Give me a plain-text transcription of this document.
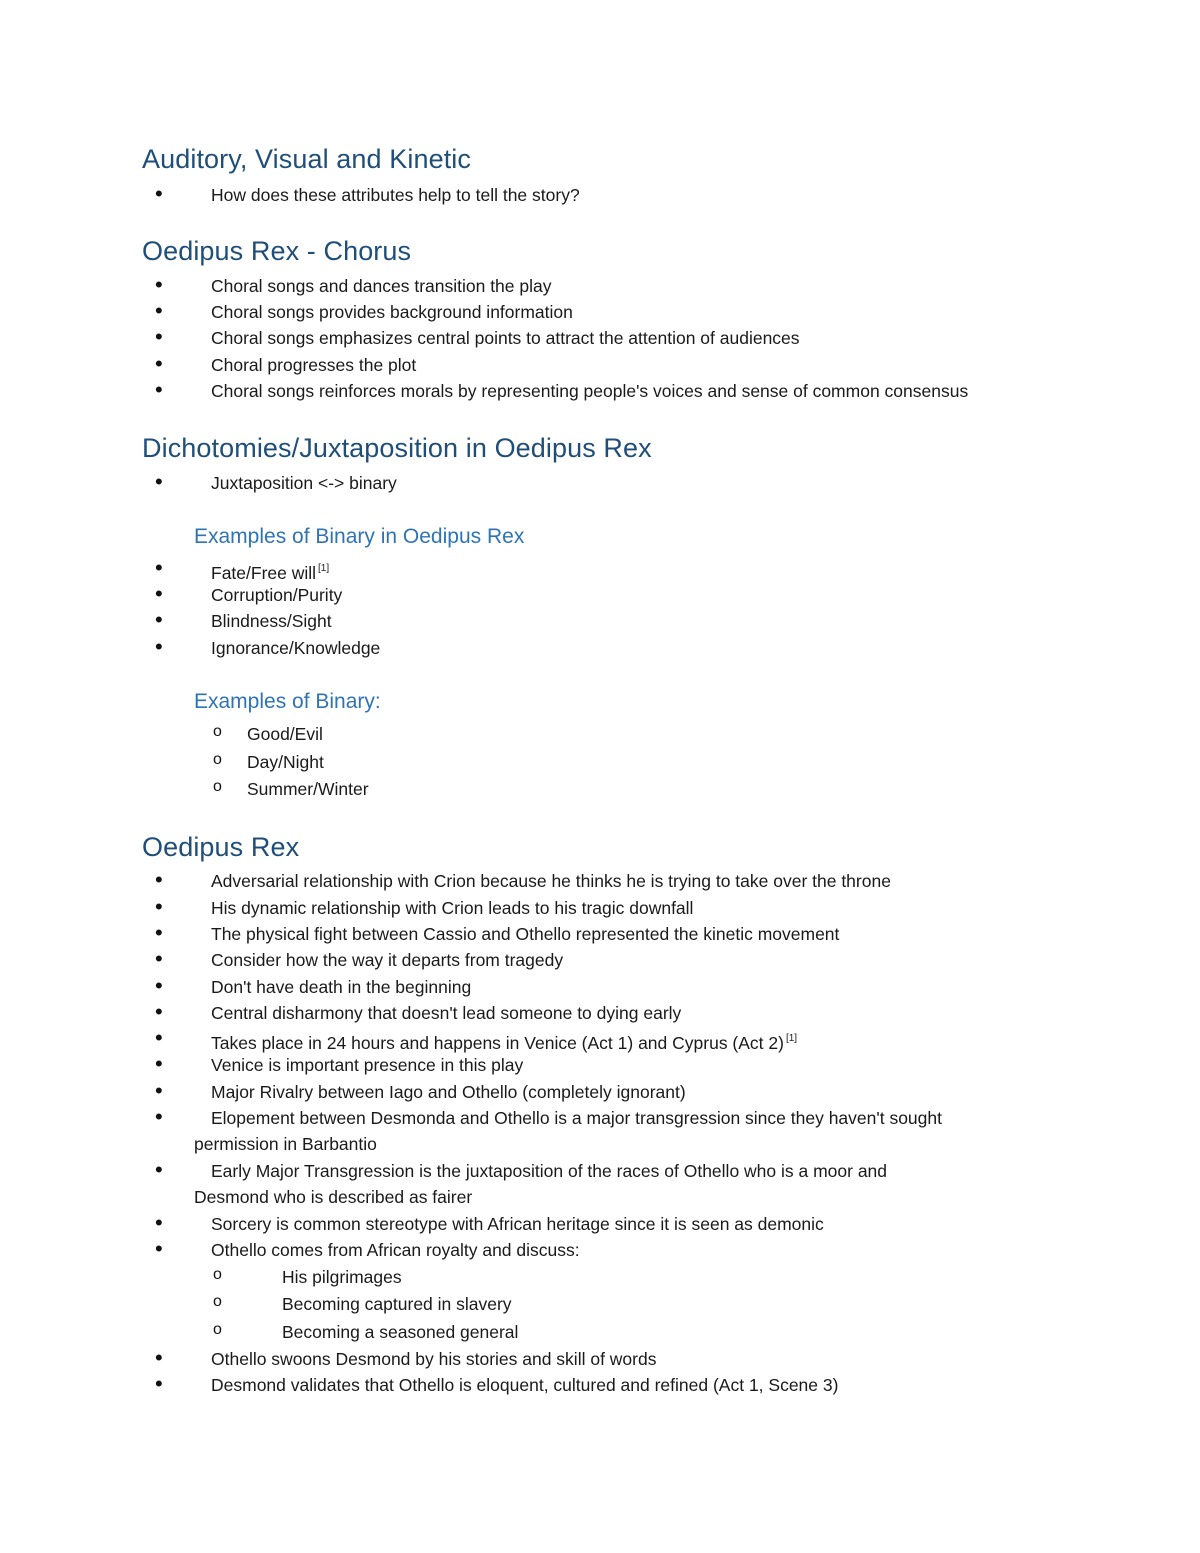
Auditory, Visual and Kinetic
• How does these attributes help to tell the story?
Oedipus Rex - Chorus
• Choral songs and dances transition the play
• Choral songs provides background information
• Choral songs emphasizes central points to attract the attention of audiences
• Choral progresses the plot
• Choral songs reinforces morals by representing people's voices and sense of common consensus
Dichotomies/Juxtaposition in Oedipus Rex
• Juxtaposition <-> binary
Examples of Binary in Oedipus Rex
• Fate/Free will [1]
• Corruption/Purity
• Blindness/Sight
• Ignorance/Knowledge
Examples of Binary:
o Good/Evil
o Day/Night
o Summer/Winter
Oedipus Rex
• Adversarial relationship with Crion because he thinks he is trying to take over the throne
• His dynamic relationship with Crion leads to his tragic downfall
• The physical fight between Cassio and Othello represented the kinetic movement
• Consider how the way it departs from tragedy
• Don't have death in the beginning
• Central disharmony that doesn't lead someone to dying early
• Takes place in 24 hours and happens in Venice (Act 1) and Cyprus (Act 2) [1]
• Venice is important presence in this play
• Major Rivalry between Iago and Othello (completely ignorant)
• Elopement between Desmonda and Othello is a major transgression since they haven't sought
permission in Barbantio
• Early Major Transgression is the juxtaposition of the races of Othello who is a moor and
Desmond who is described as fairer
• Sorcery is common stereotype with African heritage since it is seen as demonic
• Othello comes from African royalty and discuss:
o His pilgrimages
o Becoming captured in slavery
o Becoming a seasoned general
• Othello swoons Desmond by his stories and skill of words
• Desmond validates that Othello is eloquent, cultured and refined (Act 1, Scene 3)
